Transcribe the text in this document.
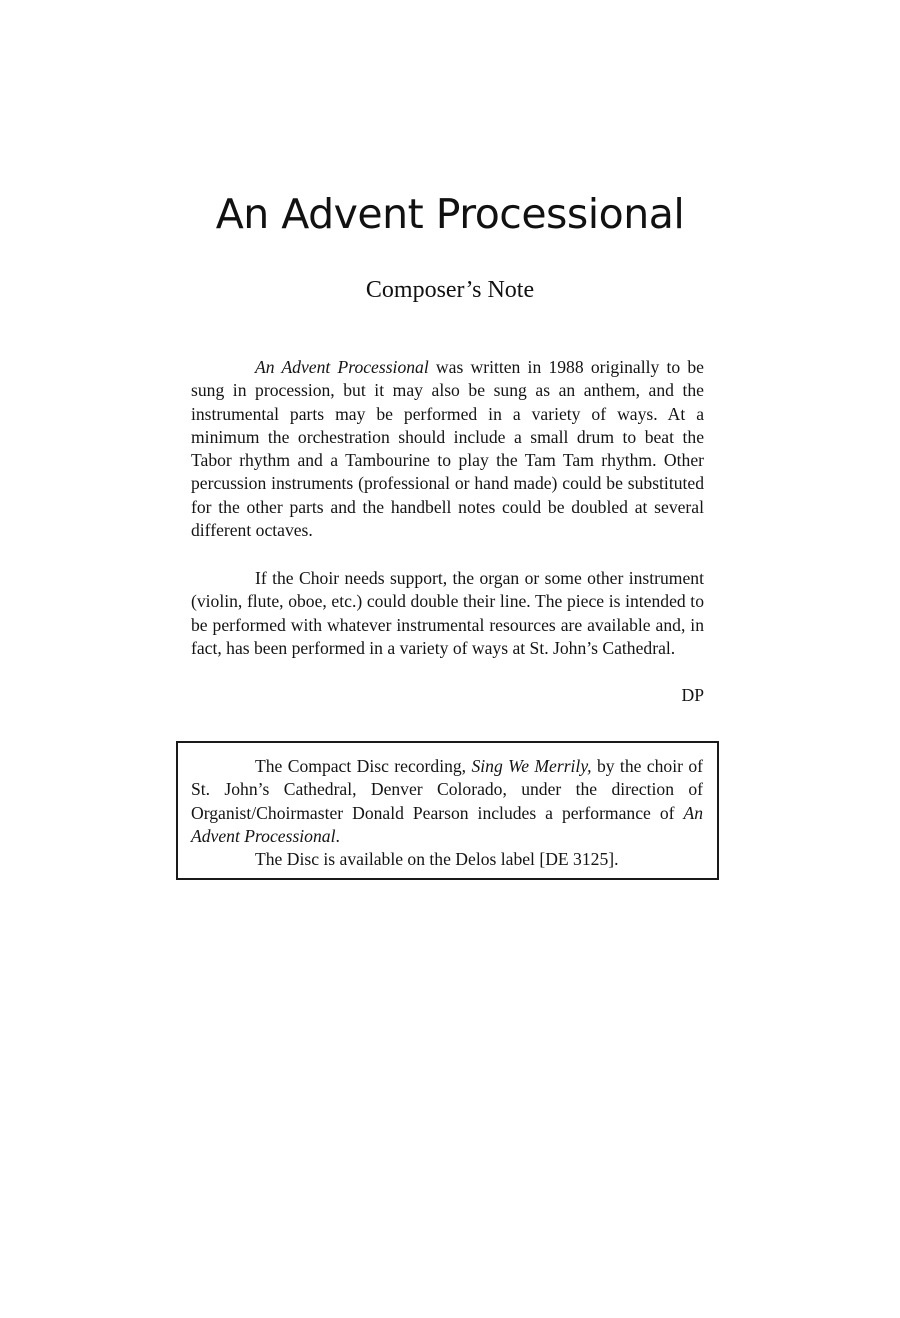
An Advent Processional
Composer’s Note

An Advent Processional was written in 1988 originally to be sung in procession, but it may also be sung as an anthem, and the instrumental parts may be performed in a variety of ways. At a minimum the orchestration should include a small drum to beat the Tabor rhythm and a Tambourine to play the Tam Tam rhythm. Other percussion instruments (professional or hand made) could be substituted for the other parts and the handbell notes could be doubled at several different octaves.

If the Choir needs support, the organ or some other instrument (violin, flute, oboe, etc.) could double their line. The piece is intended to be performed with whatever instrumental resources are available and, in fact, has been performed in a variety of ways at St. John’s Cathedral.

DP

The Compact Disc recording, Sing We Merrily, by the choir of St. John’s Cathedral, Denver Colorado, under the direction of Organist/Choirmaster Donald Pearson includes a performance of An Advent Processional.
The Disc is available on the Delos label [DE 3125].
